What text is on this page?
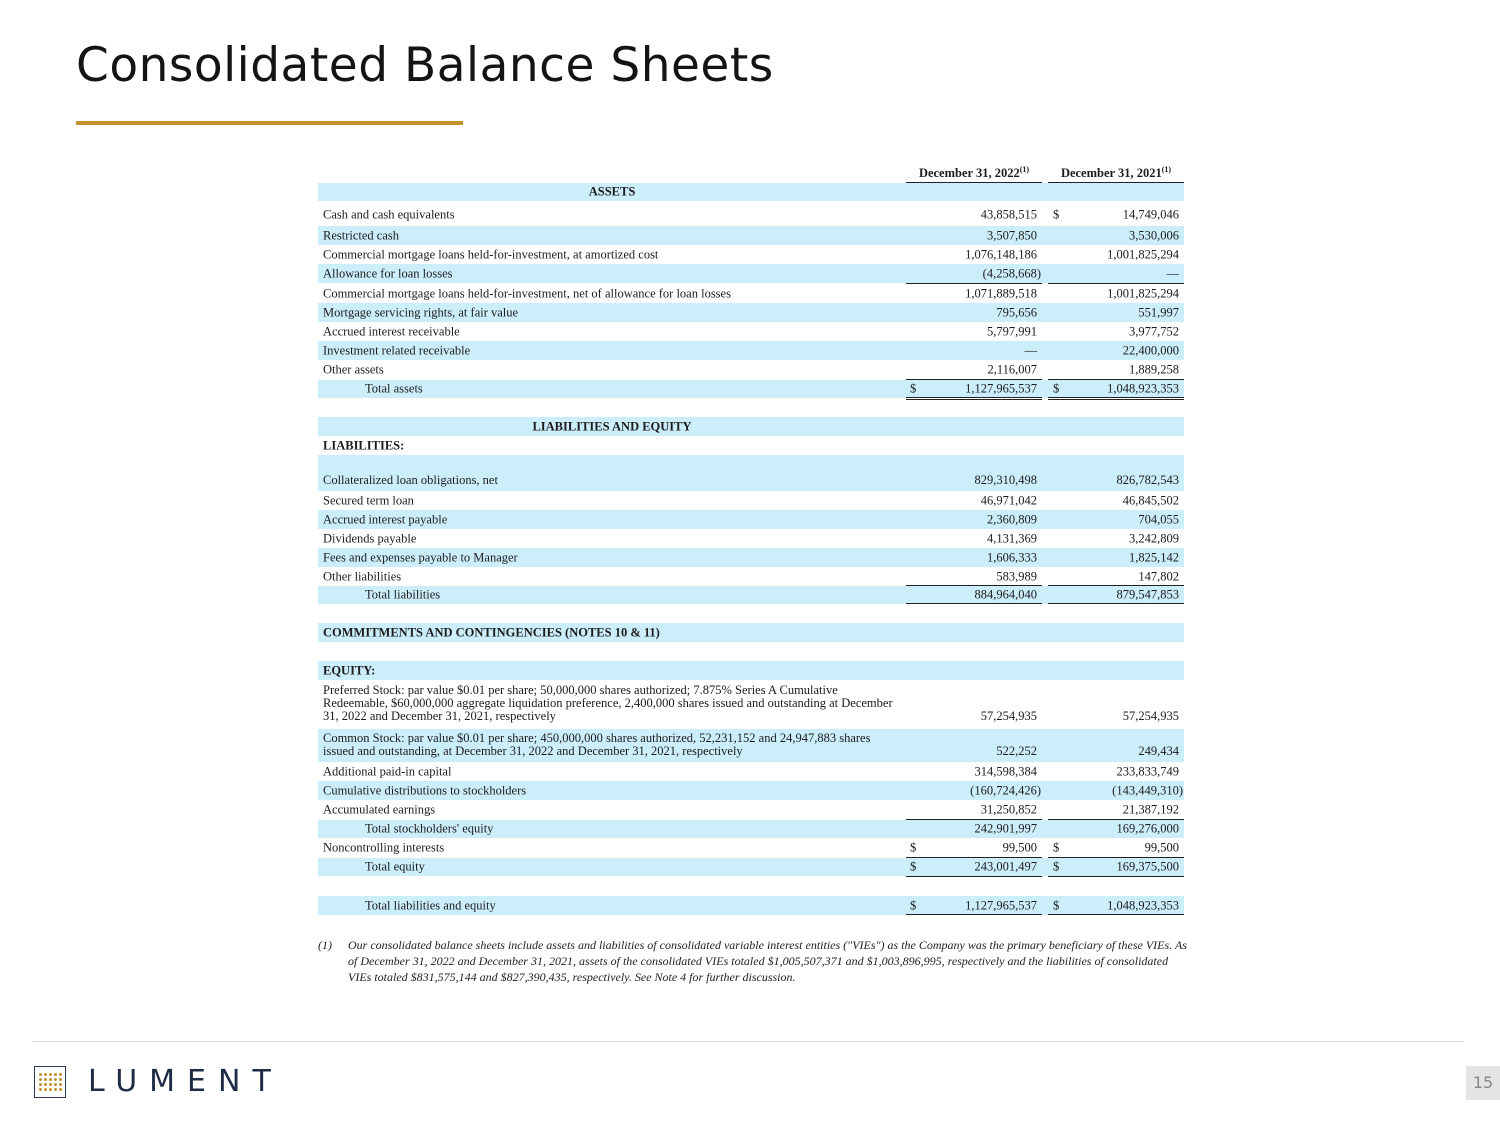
Consolidated Balance Sheets
December 31, 2022$^{(1)}$	December 31, 2021$^{(1)}$
ASSETS
Cash and cash equivalents	43,858,515 $	14,749,046
Restricted cash	3,507,850	3,530,006
Commercial mortgage loans held-for-investment, at amortized cost	1,076,148,186	1,001,825,294
Allowance for loan losses	(4,258,668)	—
Commercial mortgage loans held-for-investment, net of allowance for loan losses	1,071,889,518	1,001,825,294
Mortgage servicing rights, at fair value	795,656	551,997
Accrued interest receivable	5,797,991	3,977,752
Investment related receivable	—	22,400,000
Other assets	2,116,007	1,889,258
Total assets	$	1,127,965,537 $	1,048,923,353
LIABILITIES AND EQUITY
LIABILITIES:
Collateralized loan obligations, net	829,310,498	826,782,543
Secured term loan	46,971,042	46,845,502
Accrued interest payable	2,360,809	704,055
Dividends payable	4,131,369	3,242,809
Fees and expenses payable to Manager	1,606,333	1,825,142
Other liabilities	583,989	147,802
Total liabilities	884,964,040	879,547,853
COMMITMENTS AND CONTINGENCIES (NOTES 10 & 11)
EQUITY:
Preferred Stock: par value $0.01 per share; 50,000,000 shares authorized; 7.875% Series A Cumulative Redeemable, $60,000,000 aggregate liquidation preference, 2,400,000 shares issued and outstanding at December 31, 2022 and December 31, 2021, respectively	57,254,935	57,254,935
Common Stock: par value $0.01 per share; 450,000,000 shares authorized, 52,231,152 and 24,947,883 shares issued and outstanding, at December 31, 2022 and December 31, 2021, respectively	522,252	249,434
Additional paid-in capital	314,598,384	233,833,749
Cumulative distributions to stockholders	(160,724,426)	(143,449,310)
Accumulated earnings	31,250,852	21,387,192
Total stockholders' equity	242,901,997	169,276,000
Noncontrolling interests	$	99,500 $	99,500
Total equity	$	243,001,497 $	169,375,500
Total liabilities and equity	$	1,127,965,537 $	1,048,923,353
(1) Our consolidated balance sheets include assets and liabilities of consolidated variable interest entities ("VIEs") as the Company was the primary beneficiary of these VIEs. As of December 31, 2022 and December 31, 2021, assets of the consolidated VIEs totaled $1,005,507,371 and $1,003,896,995, respectively and the liabilities of consolidated VIEs totaled $831,575,144 and $827,390,435, respectively. See Note 4 for further discussion.
LUMENT	15
